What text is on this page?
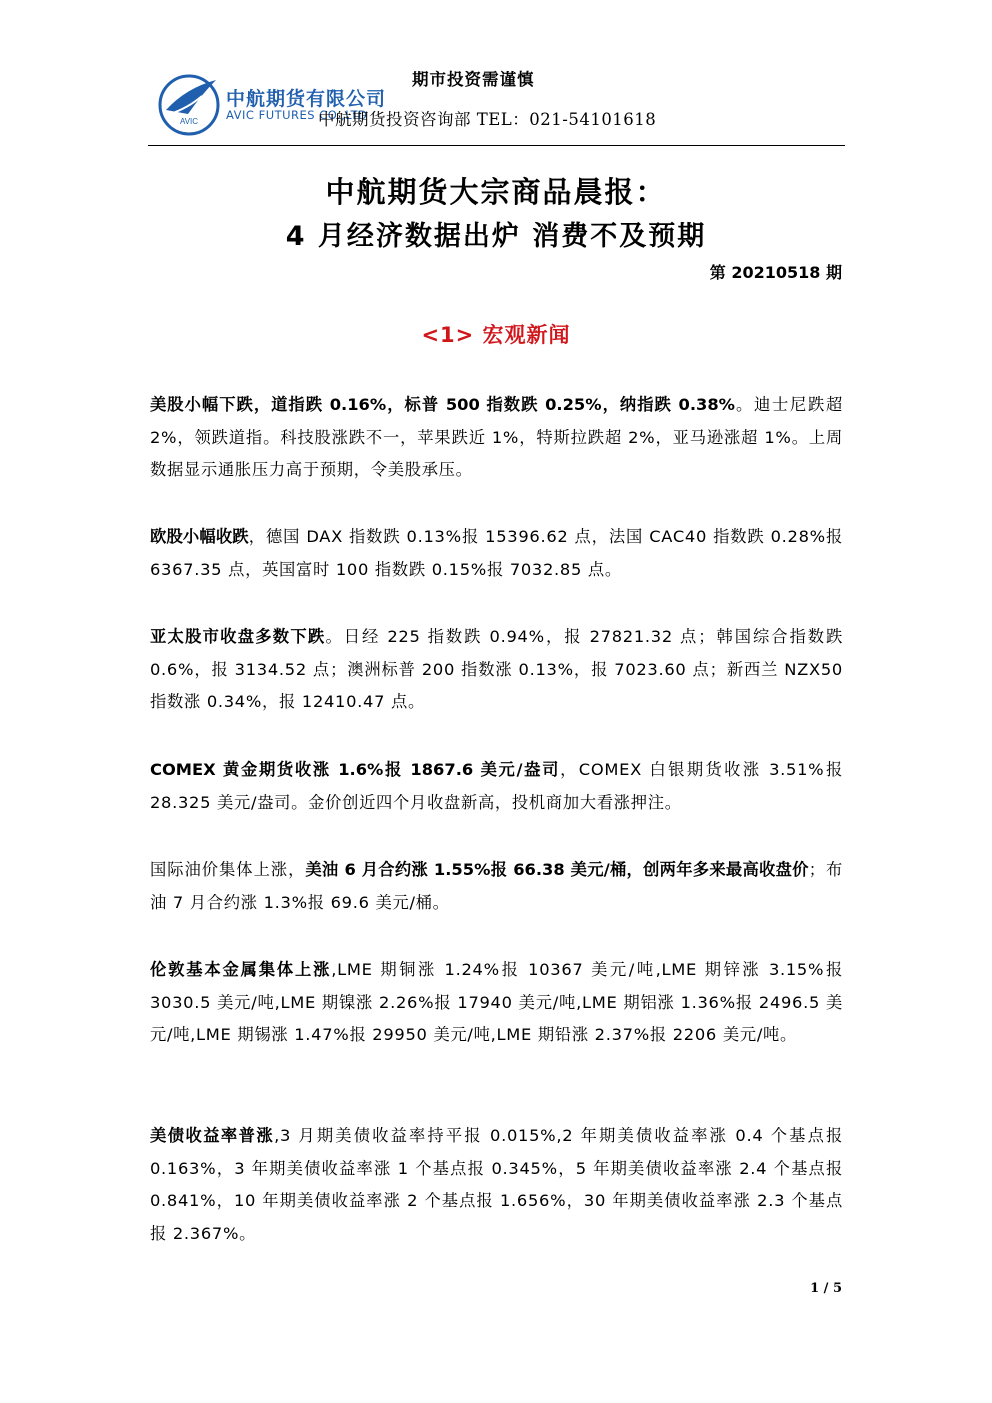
AVIC
中航期货有限公司
AVIC FUTURES CO.,LTD
期市投资需谨慎
中航期货投资咨询部 TEL：021-54101618
中航期货大宗商品晨报：
4 月经济数据出炉 消费不及预期
第 20210518 期
<1> 宏观新闻
美股小幅下跌，道指跌 0.16%，标普 500 指数跌 0.25%，纳指跌 0.38%。迪士尼跌超 2%，领跌道指。科技股涨跌不一，苹果跌近 1%，特斯拉跌超 2%，亚马逊涨超 1%。上周数据显示通胀压力高于预期，令美股承压。
欧股小幅收跌，德国 DAX 指数跌 0.13%报 15396.62 点，法国 CAC40 指数跌 0.28%报 6367.35 点，英国富时 100 指数跌 0.15%报 7032.85 点。
亚太股市收盘多数下跌。日经 225 指数跌 0.94%，报 27821.32 点；韩国综合指数跌 0.6%，报 3134.52 点；澳洲标普 200 指数涨 0.13%，报 7023.60 点；新西兰 NZX50 指数涨 0.34%，报 12410.47 点。
COMEX 黄金期货收涨 1.6%报 1867.6 美元/盎司，COMEX 白银期货收涨 3.51%报 28.325 美元/盎司。金价创近四个月收盘新高，投机商加大看涨押注。
国际油价集体上涨，美油 6 月合约涨 1.55%报 66.38 美元/桶，创两年多来最高收盘价；布油 7 月合约涨 1.3%报 69.6 美元/桶。
伦敦基本金属集体上涨,LME 期铜涨 1.24%报 10367 美元/吨,LME 期锌涨 3.15%报 3030.5 美元/吨,LME 期镍涨 2.26%报 17940 美元/吨,LME 期铝涨 1.36%报 2496.5 美元/吨,LME 期锡涨 1.47%报 29950 美元/吨,LME 期铅涨 2.37%报 2206 美元/吨。
美债收益率普涨,3 月期美债收益率持平报 0.015%,2 年期美债收益率涨 0.4 个基点报 0.163%，3 年期美债收益率涨 1 个基点报 0.345%，5 年期美债收益率涨 2.4 个基点报 0.841%，10 年期美债收益率涨 2 个基点报 1.656%，30 年期美债收益率涨 2.3 个基点报 2.367%。
1 / 5
